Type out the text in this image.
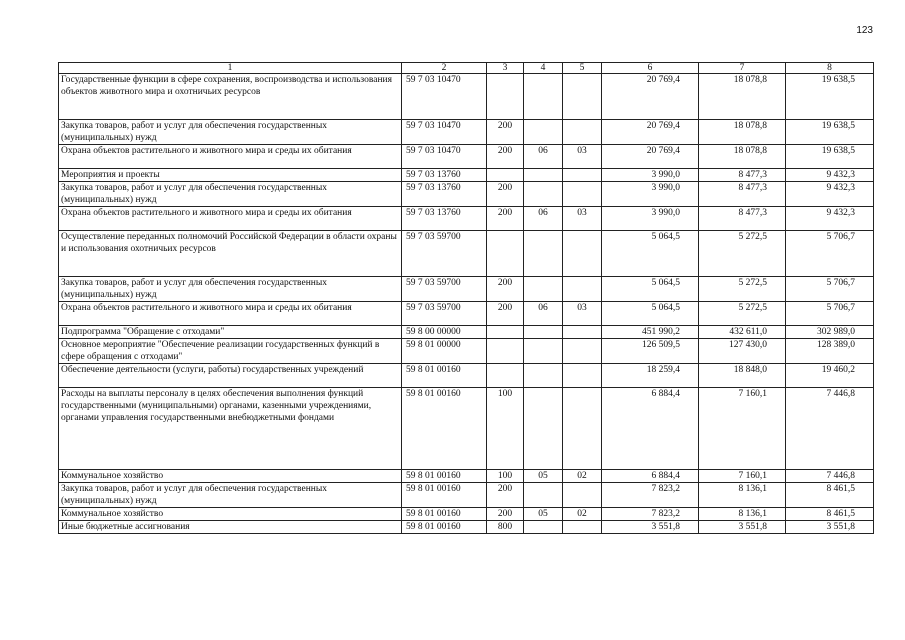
123
1	2	3	4	5	6	7	8
Государственные функции в сфере сохранения, воспроизводства и использования объектов животного мира и охотничьих ресурсов	59 7 03 10470				20 769,4	18 078,8	19 638,5
Закупка товаров, работ и услуг для обеспечения государственных (муниципальных) нужд	59 7 03 10470	200			20 769,4	18 078,8	19 638,5
Охрана объектов растительного и животного мира и среды их обитания	59 7 03 10470	200	06	03	20 769,4	18 078,8	19 638,5
Мероприятия и проекты	59 7 03 13760				3 990,0	8 477,3	9 432,3
Закупка товаров, работ и услуг для обеспечения государственных (муниципальных) нужд	59 7 03 13760	200			3 990,0	8 477,3	9 432,3
Охрана объектов растительного и животного мира и среды их обитания	59 7 03 13760	200	06	03	3 990,0	8 477,3	9 432,3
Осуществление переданных полномочий Российской Федерации в области охраны и использования охотничьих ресурсов	59 7 03 59700				5 064,5	5 272,5	5 706,7
Закупка товаров, работ и услуг для обеспечения государственных (муниципальных) нужд	59 7 03 59700	200			5 064,5	5 272,5	5 706,7
Охрана объектов растительного и животного мира и среды их обитания	59 7 03 59700	200	06	03	5 064,5	5 272,5	5 706,7
Подпрограмма "Обращение с отходами"	59 8 00 00000				451 990,2	432 611,0	302 989,0
Основное мероприятие "Обеспечение реализации государственных функций в сфере обращения с отходами"	59 8 01 00000				126 509,5	127 430,0	128 389,0
Обеспечение деятельности (услуги, работы) государственных учреждений	59 8 01 00160				18 259,4	18 848,0	19 460,2
Расходы на выплаты персоналу в целях обеспечения выполнения функций государственными (муниципальными) органами, казенными учреждениями, органами управления государственными внебюджетными фондами	59 8 01 00160	100			6 884,4	7 160,1	7 446,8
Коммунальное хозяйство	59 8 01 00160	100	05	02	6 884,4	7 160,1	7 446,8
Закупка товаров, работ и услуг для обеспечения государственных (муниципальных) нужд	59 8 01 00160	200			7 823,2	8 136,1	8 461,5
Коммунальное хозяйство	59 8 01 00160	200	05	02	7 823,2	8 136,1	8 461,5
Иные бюджетные ассигнования	59 8 01 00160	800			3 551,8	3 551,8	3 551,8
